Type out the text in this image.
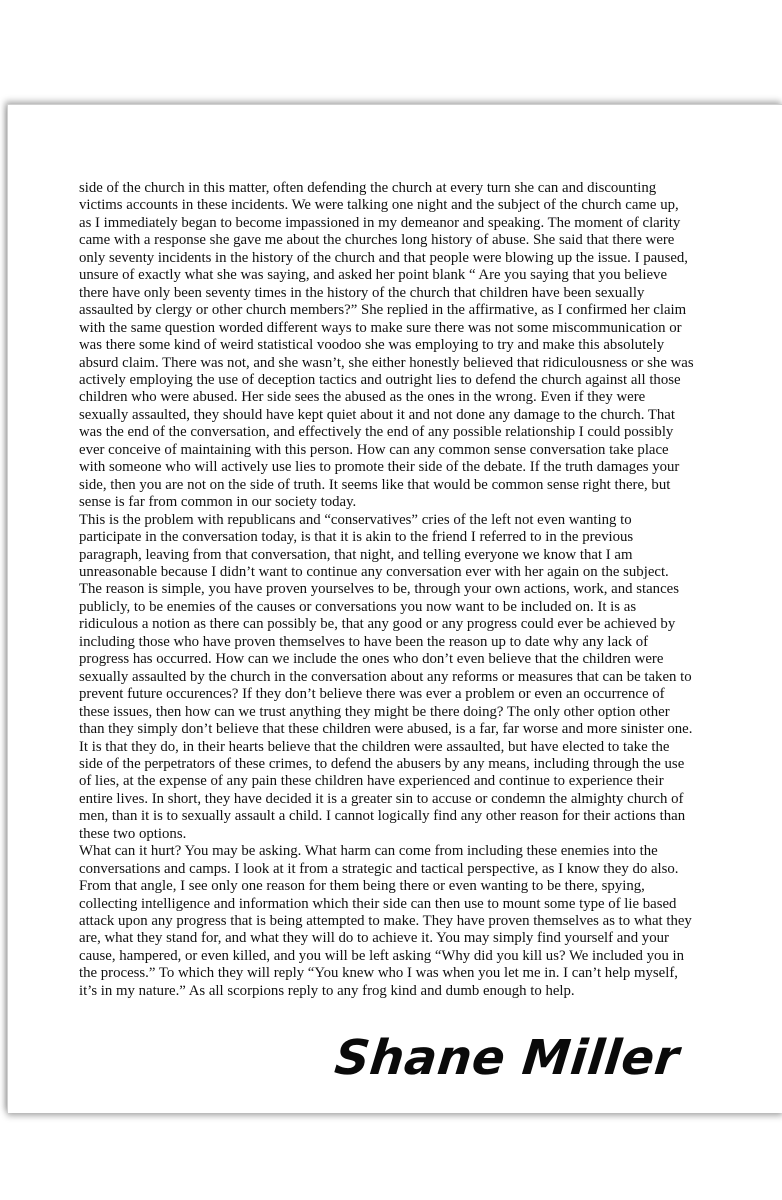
side of the church in this matter, often defending the church at every turn she can and discounting
victims accounts in these incidents. We were talking one night and the subject of the church came up,
as I immediately began to become impassioned in my demeanor and speaking. The moment of clarity
came with a response she gave me about the churches long history of abuse. She said that there were
only seventy incidents in the history of the church and that people were blowing up the issue. I paused,
unsure of exactly what she was saying, and asked her point blank “ Are you saying that you believe
there have only been seventy times in the history of the church that children have been sexually
assaulted by clergy or other church members?” She replied in the affirmative, as I confirmed her claim
with the same question worded different ways to make sure there was not some miscommunication or
was there some kind of weird statistical voodoo she was employing to try and make this absolutely
absurd claim. There was not, and she wasn’t, she either honestly believed that ridiculousness or she was
actively employing the use of deception tactics and outright lies to defend the church against all those
children who were abused. Her side sees the abused as the ones in the wrong. Even if they were
sexually assaulted, they should have kept quiet about it and not done any damage to the church. That
was the end of the conversation, and effectively the end of any possible relationship I could possibly
ever conceive of maintaining with this person. How can any common sense conversation take place
with someone who will actively use lies to promote their side of the debate. If the truth damages your
side, then you are not on the side of truth. It seems like that would be common sense right there, but
sense is far from common in our society today.
This is the problem with republicans and “conservatives” cries of the left not even wanting to
participate in the conversation today, is that it is akin to the friend I referred to in the previous
paragraph, leaving from that conversation, that night, and telling everyone we know that I am
unreasonable because I didn’t want to continue any conversation ever with her again on the subject.
The reason is simple, you have proven yourselves to be, through your own actions, work, and stances
publicly, to be enemies of the causes or conversations you now want to be included on. It is as
ridiculous a notion as there can possibly be, that any good or any progress could ever be achieved by
including those who have proven themselves to have been the reason up to date why any lack of
progress has occurred. How can we include the ones who don’t even believe that the children were
sexually assaulted by the church in the conversation about any reforms or measures that can be taken to
prevent future occurences? If they don’t believe there was ever a problem or even an occurrence of
these issues, then how can we trust anything they might be there doing? The only other option other
than they simply don’t believe that these children were abused, is a far, far worse and more sinister one.
It is that they do, in their hearts believe that the children were assaulted, but have elected to take the
side of the perpetrators of these crimes, to defend the abusers by any means, including through the use
of lies, at the expense of any pain these children have experienced and continue to experience their
entire lives. In short, they have decided it is a greater sin to accuse or condemn the almighty church of
men, than it is to sexually assault a child. I cannot logically find any other reason for their actions than
these two options.
What can it hurt? You may be asking. What harm can come from including these enemies into the
conversations and camps. I look at it from a strategic and tactical perspective, as I know they do also.
From that angle, I see only one reason for them being there or even wanting to be there, spying,
collecting intelligence and information which their side can then use to mount some type of lie based
attack upon any progress that is being attempted to make. They have proven themselves as to what they
are, what they stand for, and what they will do to achieve it. You may simply find yourself and your
cause, hampered, or even killed, and you will be left asking “Why did you kill us? We included you in
the process.” To which they will reply “You knew who I was when you let me in. I can’t help myself,
it’s in my nature.” As all scorpions reply to any frog kind and dumb enough to help.
Shane Miller
